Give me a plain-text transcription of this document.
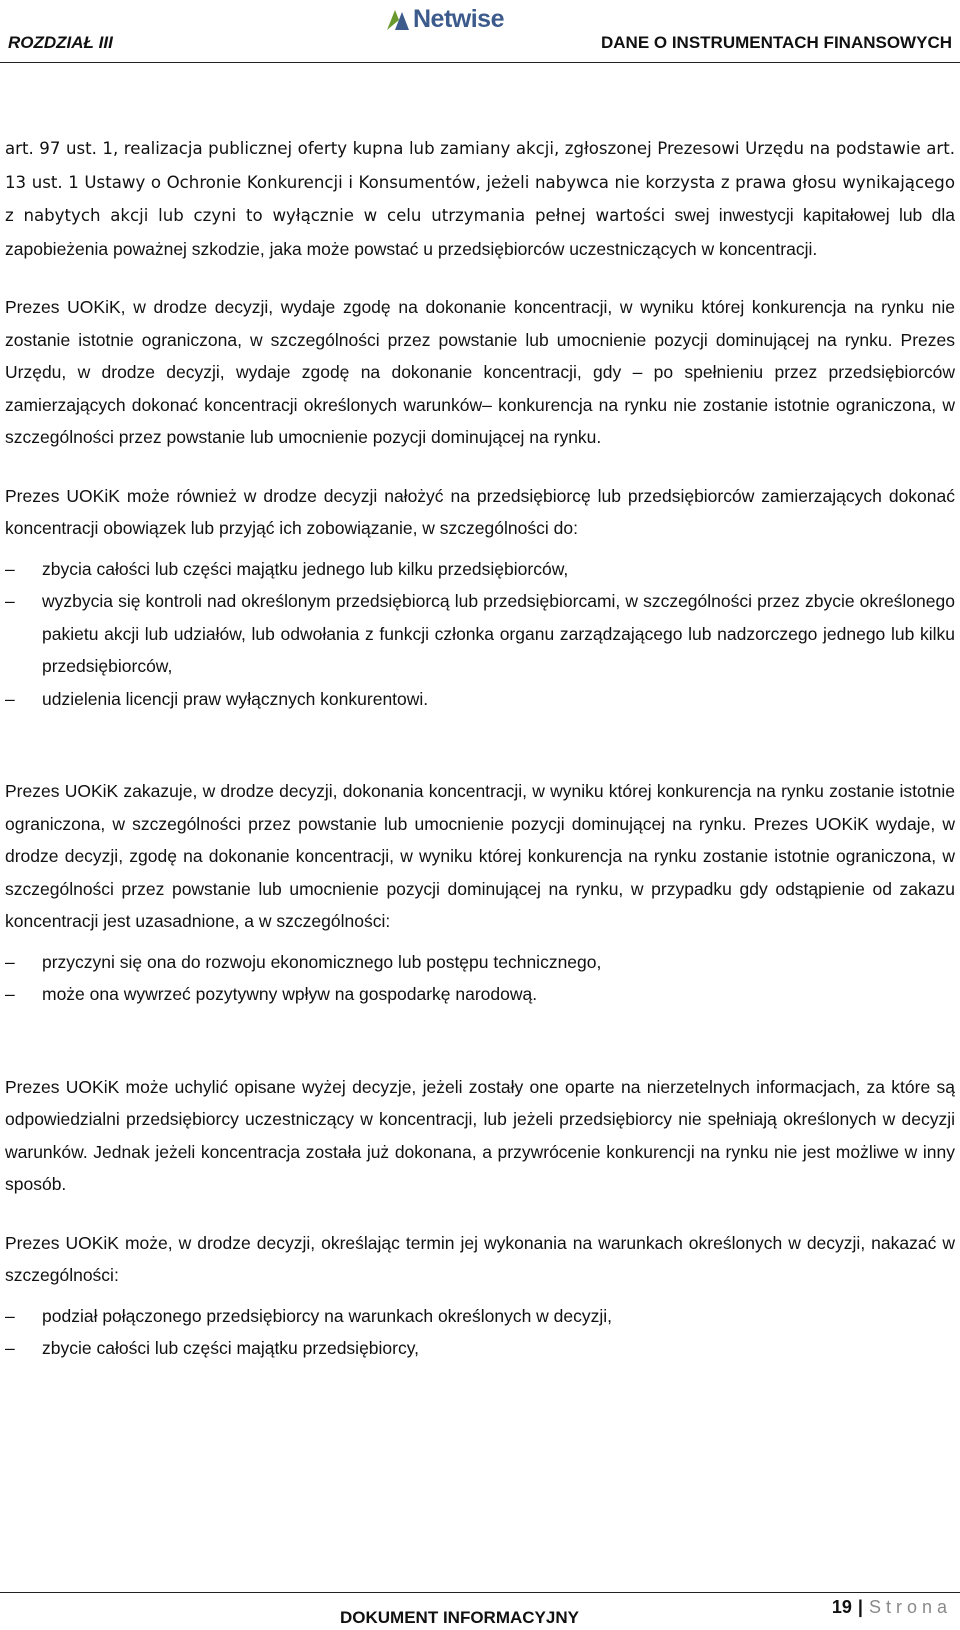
ROZDZIAŁ III
Netwise
DANE O INSTRUMENTACH FINANSOWYCH

art. 97 ust. 1, realizacja publicznej oferty kupna lub zamiany akcji, zgłoszonej Prezesowi Urzędu na podstawie art. 13 ust. 1 Ustawy o Ochronie Konkurencji i Konsumentów, jeżeli nabywca nie korzysta z prawa głosu wynikającego z nabytych akcji lub czyni to wyłącznie w celu utrzymania pełnej wartości swej inwestycji kapitałowej lub dla zapobieżenia poważnej szkodzie, jaka może powstać u przedsiębiorców uczestniczących w koncentracji.

Prezes UOKiK, w drodze decyzji, wydaje zgodę na dokonanie koncentracji, w wyniku której konkurencja na rynku nie zostanie istotnie ograniczona, w szczególności przez powstanie lub umocnienie pozycji dominującej na rynku. Prezes Urzędu, w drodze decyzji, wydaje zgodę na dokonanie koncentracji, gdy – po spełnieniu przez przedsiębiorców zamierzających dokonać koncentracji określonych warunków– konkurencja na rynku nie zostanie istotnie ograniczona, w szczególności przez powstanie lub umocnienie pozycji dominującej na rynku.

Prezes UOKiK może również w drodze decyzji nałożyć na przedsiębiorcę lub przedsiębiorców zamierzających dokonać koncentracji obowiązek lub przyjąć ich zobowiązanie, w szczególności do:

– zbycia całości lub części majątku jednego lub kilku przedsiębiorców,
– wyzbycia się kontroli nad określonym przedsiębiorcą lub przedsiębiorcami, w szczególności przez zbycie określonego pakietu akcji lub udziałów, lub odwołania z funkcji członka organu zarządzającego lub nadzorczego jednego lub kilku przedsiębiorców,
– udzielenia licencji praw wyłącznych konkurentowi.

Prezes UOKiK zakazuje, w drodze decyzji, dokonania koncentracji, w wyniku której konkurencja na rynku zostanie istotnie ograniczona, w szczególności przez powstanie lub umocnienie pozycji dominującej na rynku. Prezes UOKiK wydaje, w drodze decyzji, zgodę na dokonanie koncentracji, w wyniku której konkurencja na rynku zostanie istotnie ograniczona, w szczególności przez powstanie lub umocnienie pozycji dominującej na rynku, w przypadku gdy odstąpienie od zakazu koncentracji jest uzasadnione, a w szczególności:

– przyczyni się ona do rozwoju ekonomicznego lub postępu technicznego,
– może ona wywrzeć pozytywny wpływ na gospodarkę narodową.

Prezes UOKiK może uchylić opisane wyżej decyzje, jeżeli zostały one oparte na nierzetelnych informacjach, za które są odpowiedzialni przedsiębiorcy uczestniczący w koncentracji, lub jeżeli przedsiębiorcy nie spełniają określonych w decyzji warunków. Jednak jeżeli koncentracja została już dokonana, a przywrócenie konkurencji na rynku nie jest możliwe w inny sposób.

Prezes UOKiK może, w drodze decyzji, określając termin jej wykonania na warunkach określonych w decyzji, nakazać w szczególności:

– podział połączonego przedsiębiorcy na warunkach określonych w decyzji,
– zbycie całości lub części majątku przedsiębiorcy,
19 | Strona
DOKUMENT INFORMACYJNY
